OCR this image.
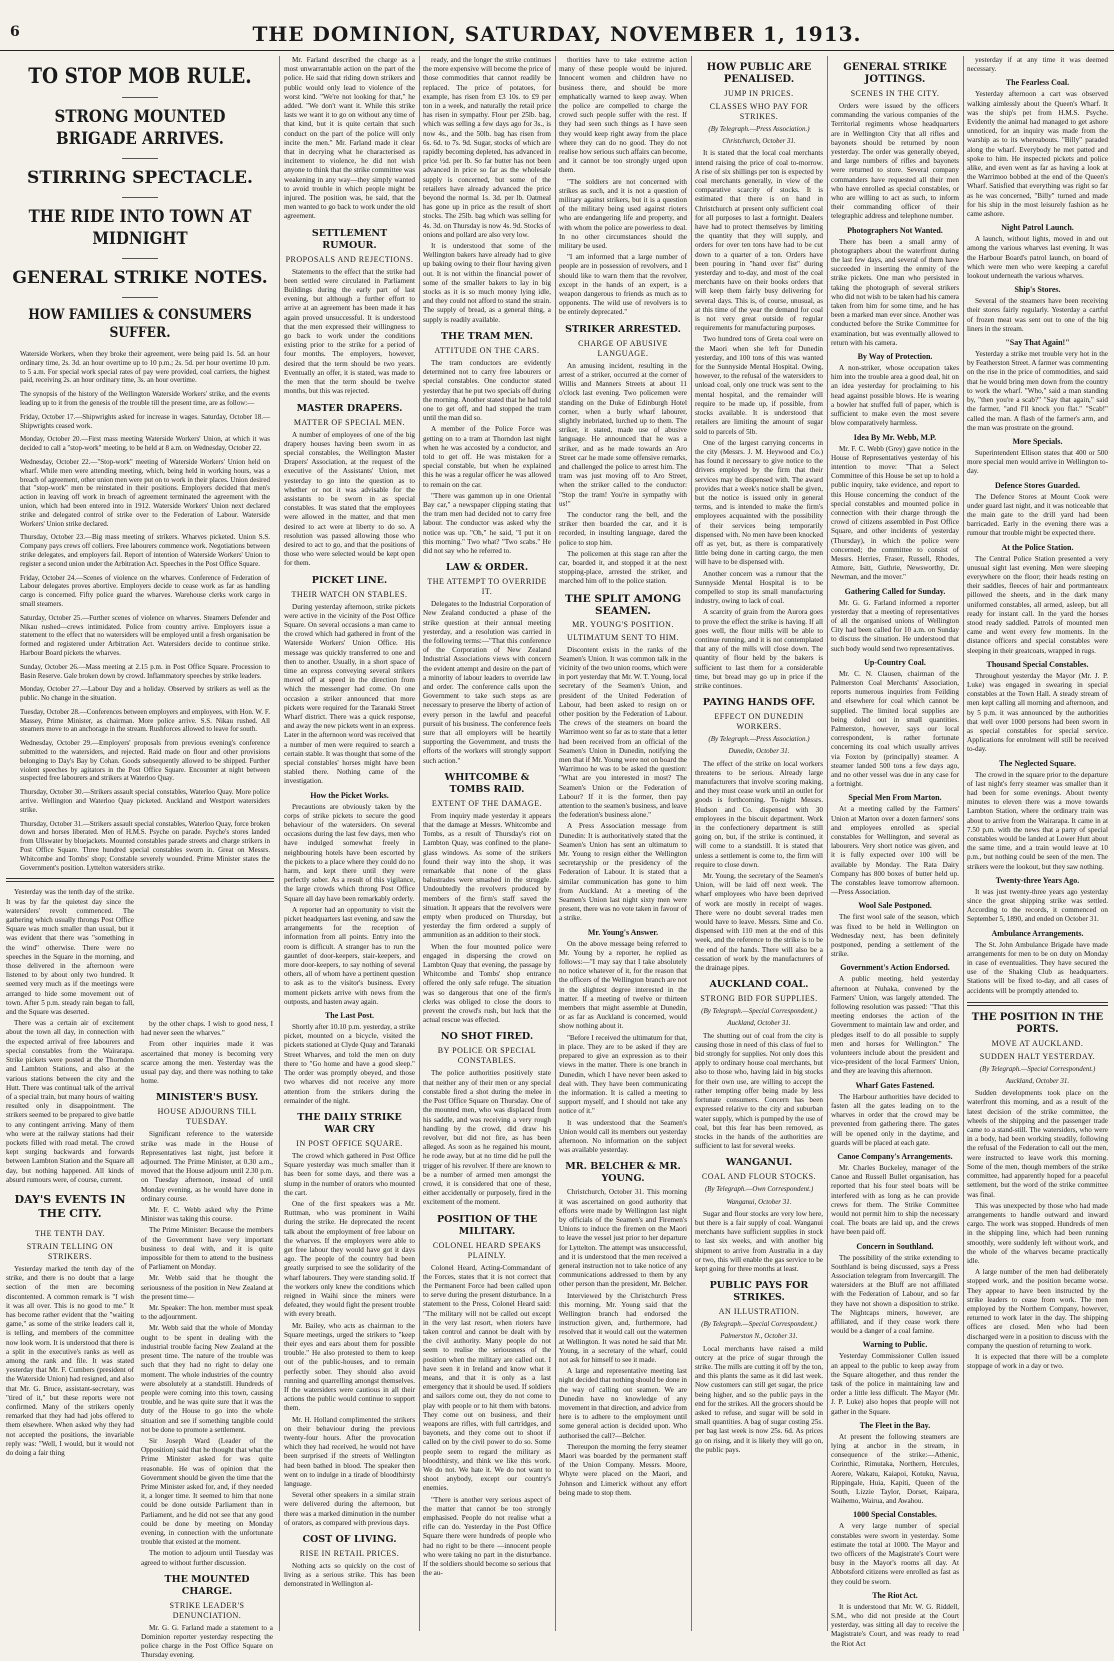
6	THE DOMINION, SATURDAY, NOVEMBER 1, 1913.
TO STOP MOB RULE.
STRONG MOUNTED BRIGADE ARRIVES.
STIRRING SPECTACLE.
THE RIDE INTO TOWN AT MIDNIGHT
GENERAL STRIKE NOTES.
HOW FAMILIES & CONSUMERS SUFFER.

Waterside Workers, when they broke their agreement, were being paid 1s. 5d. an hour ordinary time, 2s. 3d. an hour overtime up to 10 p.m.; 2s. 5d. per hour overtime 10 p.m. to 5 a.m. For special work special rates of pay were provided, coal carriers, the highest paid, receiving 2s. an hour ordinary time, 3s. an hour overtime.

The synopsis of the history of the Wellington Waterside Workers' strike, and the events leading up to it from the genesis of the trouble till the present time, are as follow:—

Friday, October 17.—Shipwrights asked for increase in wages. Saturday, October 18.—Shipwrights ceased work.

Monday, October 20.—First mass meeting Waterside Workers' Union, at which it was decided to call a "stop-work" meeting, to be held at 8 a.m. on Wednesday, October 22.

Wednesday, October 22.—"Stop-work" meeting of Waterside Workers' Union held on wharf. While men were attending meeting, which, being held in working hours, was a breach of agreement, other union men were put on to work in their places. Union desired that "stop-work" men be reinstated in their positions. Employers decided that men's action in leaving off work in breach of agreement terminated the agreement with the union, which had been entered into in 1912. Waterside Workers' Union next declared strike and delegated control of strike over to the Federation of Labour. Waterside Workers' Union strike declared.

Thursday, October 23.—Big mass meeting of strikers. Wharves picketed. Union S.S. Company pays crews off colliers. Free labourers commence work. Negotiations between strike delegates, and employers fail. Report of intention of Waterside Workers' Union to register a second union under the Arbitration Act. Speeches in the Post Office Square.

Friday, October 24.—Scenes of violence on the wharves. Conference of Federation of Labour delegates proves abortive. Employers decide to cease work as far as handling cargo is concerned. Fifty police guard the wharves. Warehouse clerks work cargo in small steamers.

Saturday, October 25.—Further scenes of violence on wharves. Steamers Defender and Nikau rushed—crews intimidated. Police from country arrive. Employers issue a statement to the effect that no watersiders will be employed until a fresh organisation be formed and registered under Arbitration Act. Watersiders decide to continue strike. Harbour Board pickets the wharves.

Sunday, October 26.—Mass meeting at 2.15 p.m. in Post Office Square. Procession to Basin Reserve. Gale broken down by crowd. Inflammatory speeches by strike leaders.

Monday, October 27.—Labour Day and a holiday. Observed by strikers as well as the public. No change in the situation.

Tuesday, October 28.—Conferences between employers and employees, with Hon. W. F. Massey, Prime Minister, as chairman. More police arrive. S.S. Nikau rushed. All steamers move to an anchorage in the stream. Rushforces allowed to leave for south.

Wednesday, October 29.—Employers' proposals from previous evening's conference submitted to the watersiders, and rejected. Raid made on flour and other provisions belonging to Day's Bay by Cohan. Goods subsequently allowed to be shipped. Further violent speeches by agitators in the Post Office Square. Encounter at night between suspected free labourers and strikers at Waterloo Quay.

Thursday, October 30.—Strikers assault special constables, Waterloo Quay. More police arrive. Wellington and Waterloo Quay picketed. Auckland and Westport watersiders strike.

Thursday, October 31.—Strikers assault special constables, Waterloo Quay, force broken down and horses liberated. Men of H.M.S. Psyche on parade. Psyche's stores landed from Ullswater by bluejackets. Mounted constables parade streets and charge strikers in Post Office Square. Three hundred special constables sworn in. Great on Messrs. Whitcombe and Tombs' shop; Constable severely wounded. Prime Minister states the Government's position. Lyttelton watersiders strike.

Yesterday was the tenth day of the strike. It was by far the quietest day since the watersiders' revolt commenced. The gathering which usually throngs Post Office Square was much smaller than usual, but it was evident that there was "something in the wind" otherwise. There were no speeches in the Square in the morning, and those delivered in the afternoon were listened to by about only two hundred. It seemed very much as if the meetings were arranged to hide some movement out of town. After 5 p.m. steady rain began to fall, and the Square was deserted.

There was a certain air of excitement about the town all day, in connection with the expected arrival of free labourers and special constables from the Wairarapa. Strike pickets were posted at the Thorndon and Lambton Stations, and also at the various stations between the city and the Hutt. There was continual talk of the arrival of a special train, but many hours of waiting resulted only in disappointment. The strikers seemed to be prepared to give battle to any contingent arriving. Many of them who were at the railway stations had their pockets filled with road metal. The crowd kept surging backwards and forwards between Lambton Station and the Square all day, but nothing happened. All kinds of absurd rumours were, of course, current.

DAY'S EVENTS IN THE CITY.
THE TENTH DAY.
STRAIN TELLING ON STRIKERS.

Yesterday marked the tenth day of the strike, and there is no doubt that a large section of the men are becoming discontented. A common remark is "I wish it was all over. This is no good to me." It has become rather evident that the "waiting game," as some of the strike leaders call it, is telling, and members of the committee now look worn. It is understood that there is a split in the executive's ranks as well as among the rank and file. It was stated yesterday that Mr. F. Cumbers (president of the Waterside Union) had resigned, and also that Mr. G. Bruce, assistant-secretary, was "tired of it," but these reports were not confirmed. Many of the strikers openly remarked that they had had jobs offered to them elsewhere. When asked why they had not accepted the positions, the invariable reply was: "Well, I would, but it would not do doing a fair thing

by the other chaps. I wish to good ness, I had never seen the wharves."

From other inquiries made it was ascertained that money is becoming very scarce among the men. Yesterday was the usual pay day, and there was nothing to take home.

MINISTER'S BUSY.
HOUSE ADJOURNS TILL TUESDAY.

Significant reference to the waterside strike was made in the House of Representatives last night, just before it adjourned. The Prime Minister, at 0.30 a.m., moved that the House adjourn until 2.30 p.m. on Tuesday afternoon, instead of until Monday evening, as he would have done in ordinary course.

Mr. F. C. Webb asked why the Prime Minister was taking this course.

The Prime Minister: Because the members of the Government have very important business to deal with, and it is quite impossible for them to attend to the business of Parliament on Monday.

Mr. Webb said that he thought the seriousness of the position in New Zealand at the present time—

Mr. Speaker: The hon. member must speak to the adjournment.

Mr. Webb said that the whole of Monday ought to be spent in dealing with the industrial trouble facing New Zealand at the present time. The nature of the trouble was such that they had no right to delay one moment. The whole industries of the country were absolutely at a standstill. Hundreds of people were coming into this town, causing trouble, and he was quite sure that it was the duty of the House to go into the whole situation and see if something tangible could not be done to promote a settlement.

Sir Joseph Ward (Leader of the Opposition) said that he thought that what the Prime Minister asked for was quite reasonable. He was of opinion that the Government should be given the time that the Prime Minister asked for, and, if they needed it, a longer time. It seemed to him that none could be done outside Parliament than in Parliament, and he did not see that any good could be done by meeting on Monday evening, in connection with the unfortunate trouble that existed at the moment.

The motion to adjourn until Tuesday was agreed to without further discussion.

THE MOUNTED CHARGE.
STRIKE LEADER'S DENUNCIATION.

Mr. G. G. Farland made a statement to a Dominion reporter yesterday respecting the police charge in the Post Office Square on Thursday evening.

Mr. Farland described the charge as a most unwarrantable action on the part of the police. He said that riding down strikers and public would only lead to violence of the worst kind. "We're not looking for that," he added. "We don't want it. While this strike lasts we want it to go on without any time of that kind, but it is quite certain that such conduct on the part of the police will only incite the men." Mr. Farland made it clear that in decrying what he characterised as incitement to violence, he did not wish anyone to think that the strike committee was weakening in any way—they simply wanted to avoid trouble in which people might be injured. The position was, he said, that the men wanted to go back to work under the old agreement.

SETTLEMENT RUMOUR.
PROPOSALS AND REJECTIONS.

Statements to the effect that the strike had been settled were circulated in Parliament Buildings during the early part of last evening, but although a further effort to arrive at an agreement has been made it has again proved unsuccessful. It is understood that the men expressed their willingness to go back to work under the conditions existing prior to the strike for a period of four months. The employers, however, desired that the term should be two years. Eventually an offer, it is stated, was made to the men that the term should be twelve months, but this was rejected.

MASTER DRAPERS.
MATTER OF SPECIAL MEN.

A number of employees of one of the big drapery houses having been sworn in as special constables, the Wellington Master Drapers' Association, at the request of the executive of the Assistants' Union, met yesterday to go into the question as to whether or not it was advisable for the assistants to be sworn in as special constables. It was stated that the employees were allowed in the matter, and that men desired to act were at liberty to do so. A resolution was passed allowing those who desired to act to go, and that the positions of those who were selected would be kept open for them.

PICKET LINE.
THEIR WATCH ON STABLES.

During yesterday afternoon, strike pickets were active in the vicinity of the Post Office Square. On several occasions a man came to the crowd which had gathered in front of the Waterside Workers' Union Office. His message was quickly transferred to one and then to another. Usually, in a short space of time an express conveying several strikers moved off at speed in the direction from which the messenger had come. On one occasion a striker announced that more pickets were required for the Taranaki Street Wharf district. There was a quick response, and away the new pickets went in an express. Later in the afternoon word was received that a number of men were required to search a certain stable. It was thought that some of the special constables' horses might have been stabled there. Nothing came of the investigation.

How the Picket Works.

Precautions are obviously taken by the corps of strike pickets to secure the good behaviour of the watersiders. On several occasions during the last few days, men who have indulged somewhat freely in neighbouring hotels have been escorted by the pickets to a place where they could do no harm, and kept there until they were perfectly sober. As a result of this vigilance, the large crowds which throng Post Office Square all day have been remarkably orderly.

A reporter had an opportunity to visit the picket headquarters last evening, and saw the arrangements for the reception of information from all points. Entry into the room is difficult. A stranger has to run the gauntlet of door-keepers, stair-keepers, and more door-keepers, to say nothing of several others, all of whom have a pertinent question to ask as to the visitor's business. Every moment pickets arrive with news from the outposts, and hasten away again.

The Last Post.

Shortly after 10.10 p.m. yesterday, a strike picket, mounted on a bicycle, visited the pickets stationed at Clyde Quay and Taranaki Street Wharves, and told the men on duty there to "Go home and have a good sleep." The order was promptly obeyed, and those two wharves did not receive any more attention from the strikers during the remainder of the night.

THE DAILY STRIKE WAR CRY
IN POST OFFICE SQUARE.

The crowd which gathered in Post Office Square yesterday was much smaller than it has been for some days, and there was a slump in the number of orators who mounted the cart.

One of the first speakers was a Mr. Ruttman, who was prominent in Waihi during the strike. He deprecated the recent talk about the employment of free labour on the wharves. If the employers were able to get free labour they would have got it days ago. The people of the country had been greatly surprised to see the solidarity of the wharf labourers. They were standing solid. If the workers only knew the conditions which reigned in Waihi since the miners were defeated, they would fight the present trouble with every breath.

Mr. Bailey, who acts as chairman to the Square meetings, urged the strikers to "keep their eyes and ears about them for possible trouble." He also protested to them to keep out of the public-houses, and to remain perfectly sober. They should also avoid running and quarrelling amongst themselves. If the watersiders were cautious in all their actions the public would continue to support them.

Mr. H. Holland complimented the strikers on their behaviour during the previous twenty-four hours. After the provocation which they had received, he would not have been surprised if the streets of Wellington had been bathed in blood. The speaker then went on to indulge in a tirade of bloodthirsty language.

Several other speakers in a similar strain were delivered during the afternoon, but there was a marked diminution in the number of orators, as compared with previous days.

COST OF LIVING.
RISE IN RETAIL PRICES.

Nothing acts so quickly on the cost of living as a serious strike. This has been demonstrated in Wellington al-

ready, and the longer the strike continues the more expensive will become the price of those commodities that cannot readily be replaced. The price of potatoes, for example, has risen from £3 10s. to £9 per ton in a week, and naturally the retail price has risen in sympathy. Flour per 25lb. bag, which was selling a few days ago for 3s., is now 4s., and the 50lb. bag has risen from 6s. 6d. to 7s. 9d. Sugar, stocks of which are rapidly becoming depleted, has advanced in price ½d. per lb. So far butter has not been advanced in price so far as the wholesale supply is concerned, but some of the retailers have already advanced the price beyond the normal 1s. 3d. per lb. Oatmeal has gone up in price as the result of short stocks. The 25lb. bag which was selling for 4s. 3d. on Thursday is now 4s. 9d. Stocks of onions and pollard are also very low.

It is understood that some of the Wellington bakers have already had to give up baking owing to their flour having given out. It is not within the financial power of some of the smaller bakers to lay in big stocks as it is so much money lying idle, and they could not afford to stand the strain. The supply of bread, as a general thing, a supply is readily available.

THE TRAM MEN.
ATTITUDE ON THE CARS.

The tram conductors are evidently determined not to carry free labourers or special constables. One conductor stated yesterday that he put two specials off during the morning. Another stated that he had told one to get off, and had stopped the tram until the man did so.

A member of the Police Force was getting on to a tram at Thorndon last night when he was accosted by a conductor, and told to get off. He was mistaken for a special constable, but when he explained this he was a regular officer he was allowed to remain on the car.

"There was gammon up in one Oriental Bay car," a newspaper clipping stating that the tram men had decided not to carry free labour. The conductor was asked why the notice was up. "Oh," he said, "I put it on this morning." Two what? "Two scabs." He did not say who he referred to.

LAW & ORDER.
THE ATTEMPT TO OVERRIDE IT.

Delegates to the Industrial Corporation of New Zealand conducted a phase of the strike question at their annual meeting yesterday, and a resolution was carried in the following terms:—"That this conference of the Corporation of New Zealand Industrial Associations views with concern the evident attempt and desire on the part of a minority of labour leaders to override law and order. The conference calls upon the Government to take such steps as are necessary to preserve the liberty of action of every person in the lawful and peaceful pursuit of his business. The conference feels sure that all employers will be heartily supporting the Government, and trusts the efforts of the workers will strongly support such action."

WHITCOMBE & TOMBS RAID.
EXTENT OF THE DAMAGE.

From inquiry made yesterday it appears that the damage at Messrs. Whitcombe and Tombs, as a result of Thursday's riot on Lambton Quay, was confined to the plane-glass windows. As some of the strikers found their way into the shop, it was remarkable that none of the glass balustrades were smashed in the struggle. Undoubtedly the revolvers produced by members of the firm's staff saved the situation. It appears that the revolvers were empty when produced on Thursday, but yesterday the firm ordered a supply of ammunition as an addition to their stock.

When the four mounted police were engaged in dispersing the crowd on Lambton Quay that evening, the passage by Whitcombe and Tombs' shop entrance offered the only safe refuge. The situation was so dangerous that one of the firm's clerks was obliged to close the doors to prevent the crowd's rush, but luck that the actual rescue was effected.

NO SHOT FIRED.
BY POLICE OR SPECIAL CONSTABLES.

The police authorities positively state that neither any of their men or any special constable fired a shot during the melee in the Post Office Square on Thursday. One of the mounted men, who was displaced from his saddle, and was receiving a very rough handling by the crowd, did draw his revolver, but did not fire, as has been alleged. As soon as he regained his mount, he rode away, but at no time did he pull the trigger of his revolver. If there are known to be a number of armed men amongst the crowd, it is considered that one of these, either accidentally or purposely, fired in the excitement of the moment.

POSITION OF THE MILITARY.
COLONEL HEARD SPEAKS PLAINLY.

Colonel Heard, Acting-Commandant of the Forces, states that it is not correct that the Permanent Force had been called upon to serve during the present disturbance. In a statement to the Press, Colonel Heard said: "The military will not be called out except in the very last resort, when rioters have taken control and cannot be dealt with by the civil authority. Many people do not seem to realise the seriousness of the position when the military are called out. I have seen it in Ireland and know what it means, and that it is only as a last emergency that it should be used. If soldiers and sailors come out, they do not come to play with people or to hit them with batons. They come out on business, and their weapons are rifles, with full cartridges, and bayonets, and they come out to shoot if called on by the civil power to do so. Some people seem to regard the military as bloodthirsty, and think we like this work. We do not. We hate it. We do not want to shoot anybody, except our country's enemies.

"There is another very serious aspect of the matter that cannot be too strongly emphasised. People do not realise what a rifle can do. Yesterday in the Post Office Square there were hundreds of people who had no right to be there —innocent people who were taking no part in the disturbance. If the soldiers should become so serious that the au-

thorities have to take extreme action many of these people would be injured. Innocent women and children have no business there, and should be more emphatically warned to keep away. When the police are compelled to charge the crowd such people suffer with the rest. If they had seen such things as I have seen they would keep right away from the place where they can do no good. They do not realise how serious such affairs can become, and it cannot be too strongly urged upon them.

"The soldiers are not concerned with strikes as such, and it is not a question of military against strikers, but it is a question of the military being used against rioters who are endangering life and property, and with whom the police are powerless to deal. In no other circumstances should the military be used.

"I am informed that a large number of people are in possession of revolvers, and I should like to warn them that the revolver, except in the hands of an expert, is a weapon dangerous to friends as much as to opponents. The wild use of revolvers is to be entirely deprecated."

STRIKER ARRESTED.
CHARGE OF ABUSIVE LANGUAGE.

An amusing incident, resulting in the arrest of a striker, occurred at the corner of Willis and Manners Streets at about 11 o'clock last evening. Two policemen were standing on the Duke of Edinburgh Hotel corner, when a burly wharf labourer, slightly inebriated, lurched up to them. The striker, it stated, made use of abusive language. He announced that he was a striker, and as he made towards an Aro Street car he made some offensive remarks, and challenged the police to arrest him. The tram was just moving off to Aro Street, when the striker called to the conductor: "Stop the tram! You're in sympathy with us!"

The conductor rang the bell, and the striker then boarded the car, and it is recorded, in insulting language, dared the police to stop him.

The policemen at this stage ran after the car, boarded it, and stopped it at the next stopping-place, arrested the striker, and marched him off to the police station.

THE SPLIT AMONG SEAMEN.
MR. YOUNG'S POSITION.
ULTIMATUM SENT TO HIM.

Discontent exists in the ranks of the Seamen's Union. It was common talk in the vicinity of the two union rooms, which were in port yesterday that Mr. W. T. Young, local secretary of the Seamen's Union, and president of the United Federation of Labour, had been asked to resign on or other position by the Federation of Labour. The crews of the steamers on board the Warrimoo went so far as to state that a letter had been received from an official of the Seamen's Union in Dunedin, notifying the men that if Mr. Young were not on board the Warrimoo he was to be asked the question: "What are you interested in most? The Seamen's Union or the Federation of Labour? If it is the former, then pay attention to the seamen's business, and leave the federation's business alone."

A Press Association message from Dunedin: It is authoritatively stated that the Seamen's Union has sent an ultimatum to Mr. Young to resign either the Wellington secretaryship or the presidency of the Federation of Labour. It is stated that a similar communication has gone to him from Auckland. At a meeting of the Seamen's Union last night sixty men were present, there was no vote taken in favour of a strike.

Mr. Young's Answer.

On the above message being referred to Mr. Young by a reporter, he replied as follows:—"I may say that I take absolutely no notice whatever of it, for the reason that the officers of the Wellington branch are not in the slightest degree interested in the matter. If a meeting of twelve or thirteen members that might assemble at Dunedin, or as far as Auckland is concerned, would show nothing about it.

"Before I received the ultimatum for that, in place. They are to be asked if they are prepared to give an expression as to their views in the matter. There is one branch in Dunedin, which I have never been asked to deal with. They have been communicating the information. It is called a meeting to support myself, and I should not take any notice of it."

It was understood that the Seamen's Union would call its members out yesterday afternoon. No information on the subject was available yesterday.

MR. BELCHER & MR. YOUNG.

Christchurch, October 31. This morning it was ascertained on good authority that efforts were made by Wellington last night by officials of the Seamen's and Firemen's Unions to induce the firemen on the Maori to leave the vessel just prior to her departure for Lyttelton. The attempt was unsuccessful, and it is understood that the men received a general instruction not to take notice of any communications addressed to them by any other person than the president, Mr. Belcher.

Interviewed by the Christchurch Press this morning, Mr. Young said that the Wellington branch had endorsed the instruction given, and, furthermore, had resolved that it would call out the watermen at Wellington. It was noted he said that Mr. Young, in a secretary of the wharf, could not ask for himself to see it made.

A large and representative meeting last night decided that nothing should be done in the way of calling out seamen. We are Dunedin have no knowledge of any movement in that direction, and advice from here is to adhere to the employment until some general action is decided upon. Who authorised the call?—Belcher.

Thereupon the morning the ferry steamer Maori was boarded by the permanent staff of the Union Company. Messrs. Moore, Whyte were placed on the Maori, and Johnson and Limerick without any effort being made to stop them.

HOW PUBLIC ARE PENALISED.
JUMP IN PRICES.
CLASSES WHO PAY FOR STRIKES.
(By Telegraph.—Press Association.)
Christchurch, October 31.

It is stated that the local coal merchants intend raising the price of coal to-morrow. A rise of six shillings per ton is expected by coal merchants generally, in view of the comparative scarcity of stocks. It is estimated that there is on hand in Christchurch at present only sufficient coal for all purposes to last a fortnight. Dealers have had to protect themselves by limiting the quantity that they will supply, and orders for over ten tons have had to be cut down to a quarter of a ton. Orders have been pouring in "hand over fist" during yesterday and to-day, and most of the coal merchants have on their books orders that will keep them fairly busy delivering for several days. This is, of course, unusual, as at this time of the year the demand for coal is not very great outside of regular requirements for manufacturing purposes.

Two hundred tons of Greta coal were on the Maori when she left for Dunedin yesterday, and 100 tons of this was wanted for the Sunnyside Mental Hospital. Owing, however, to the refusal of the watersiders to unload coal, only one truck was sent to the mental hospital, and the remainder will require to be made up, if possible, from stocks available. It is understood that retailers are limiting the amount of sugar sold to parcels of 5lb.

One of the largest carrying concerns in the city (Messrs. J. M. Heywood and Co.) has found it necessary to give notice to the drivers employed by the firm that their services may be dispensed with. The award provides that a week's notice shall be given, but the notice is issued only in general terms, and is intended to make the firm's employees acquainted with the possibility of their services being temporarily dispensed with. No men have been knocked off as yet, but, as there is comparatively little being done in carting cargo, the men will have to be dispensed with.

Another concern was a rumour that the Sunnyside Mental Hospital is to be compelled to stop its small manufacturing industry, owing to lack of coal.

A scarcity of grain from the Aurora goes to prove the effect the strike is having. If all goes well, the flour mills will be able to continue running, and it is not contemplated that any of the mills will close down. The quantity of flour held by the bakers is sufficient to last them for a considerable time, but bread may go up in price if the strike continues.

PAYING HANDS OFF.
EFFECT ON DUNEDIN WORKERS.
(By Telegraph.—Press Association.)
Dunedin, October 31.

The effect of the strike on local workers threatens to be serious. Already large manufacturers that involve scoring making, and they must cease work until an outlet for goods is forthcoming. To-night Messrs. Hudson and Co. dispensed with 30 employees in the biscuit department. Work in the confectionery department is still going on, but, if the strike is continued, it will come to a standstill. It is stated that unless a settlement is come to, the firm will require to close down.

Mr. Young, the secretary of the Seamen's Union, will be laid off next week. The wharf employees who have been deprived of work are mostly in receipt of wages. There were no doubt several trades men would have to leave. Messrs. Sime and Co. dispensed with 110 men at the end of this week, and the reference to the strike is to be the end of the hands. There will also be a cessation of work by the manufacturers of the drainage pipes.

AUCKLAND COAL.
STRONG BID FOR SUPPLIES.
(By Telegraph.—Special Correspondent.)
Auckland, October 31.

The shutting out of coal from the city is causing those in need of this class of fuel to bid strongly for supplies. Not only does this apply to ordinary house coal merchants, but also to those who, having laid in big stocks for their own use, are willing to accept the rather tempting offer being made by less fortunate consumers. Concern has been expressed relative to the city and suburban water supply, which is pumped by the use of coal, but this fear has been removed, as stocks in the hands of the authorities are sufficient to last for several weeks.

WANGANUI.
COAL AND FLOUR STOCKS.
(By Telegraph.—Own Correspondent.)
Wanganui, October 31.

Sugar and flour stocks are very low here, but there is a fair supply of coal. Wanganui merchants have sufficient supplies in stock to last six weeks, and with another big shipment to arrive from Australia in a day or two, this will enable the gas service to be kept going for three months at least.

PUBLIC PAYS FOR STRIKES.
AN ILLUSTRATION.
(By Telegraph.—Special Correspondent.)
Palmerston N., October 31.

Local merchants have raised a mild outcry at the price of sugar through the strike. The mills are cutting it off by the ton, and this plants the same as it did last week. Now customers can still get sugar, the price being higher, and so the public pays in the end for the strikes. All the grocers should be asked to refuse, and sugar will be sold in small quantities. A bag of sugar costing 25s. per bag last week is now 25s. 6d. As prices go on rising, and it is likely they will go on, the public pays.

GENERAL STRIKE JOTTINGS.
SCENES IN THE CITY.

Orders were issued by the officers commanding the various companies of the Territorial regiments whose headquarters are in Wellington City that all rifles and bayonets should be returned by noon yesterday. The order was generally obeyed, and large numbers of rifles and bayonets were returned to store. Several company commanders have requested all their men who have enrolled as special constables, or who are willing to act as such, to inform their commanding officer of their telegraphic address and telephone number.

Photographers Not Wanted.

There has been a small army of photographers about the waterfront during the last few days, and several of them have succeeded in inserting the enmity of the strike pickets. One man who persisted in taking the photograph of several strikers who did not wish to be taken had his camera taken from him for some time, and he has been a marked man ever since. Another was conducted before the Strike Committee for examination, but was eventually allowed to return with his camera.

By Way of Protection.

A non-striker, whose occupation takes him into the trouble area a good deal, hit on an idea yesterday for proclaiming to his head against possible blows. He is wearing a bowler hat stuffed full of paper, which is sufficient to make even the most severe blow comparatively harmless.

Idea By Mr. Webb, M.P.

Mr. F. C. Webb (Grey) gave notice in the House of Representatives yesterday of his intention to move: "That a Select Committee of this House be set up to hold a public inquiry, take evidence, and report to this House concerning the conduct of the special constables and mounted police in connection with their charge through the crowd of citizens assembled in Post Office Square, and other incidents of yesterday (Thursday), in which the police were concerned; the committee to consist of Messrs. Herries, Fraser, Russell, Rhodes, Atmore, Isitt, Guthrie, Newsworthy, Dr. Newman, and the mover."

Gathering Called for Sunday.

Mr. G. G. Farland informed a reporter yesterday that a meeting of representatives of all the organised unions of Wellington City had been called for 10 a.m. on Sunday to discuss the situation. He understood that such body would send two representatives.

Up-Country Coal.

Mr. C. N. Clausen, chairman of the Palmerston Coal Merchants' Association, reports numerous inquiries from Feilding and elsewhere for coal which cannot be supplied. The limited local supplies are being doled out in small quantities. Palmerston, however, says our local correspondent, is rather fortunate concerning its coal which usually arrives via Foxton by (principally) steamer. A steamer landed 500 tons a few days ago, and no other vessel was due in any case for a fortnight.

Special Men From Marton.

At a meeting called by the Farmers' Union at Marton over a dozen farmers' sons and employees enrolled as special constables for Wellington, and several as labourers. Very short notice was given, and it is fully expected over 100 will be available by Monday. The Rata Dairy Company has 800 boxes of butter held up. The constables leave tomorrow afternoon.—Press Association.

Wool Sale Postponed.

The first wool sale of the season, which was fixed to be held in Wellington on Wednesday next, has been definitely postponed, pending a settlement of the strike.

Government's Action Endorsed.

A public meeting, held yesterday afternoon at Nuhaka, convened by the Farmers' Union, was largely attended. The following resolution was passed: "That this meeting endorses the action of the Government to maintain law and order, and pledges itself to do all possible to supply men and horses for Wellington." The volunteers include about the president and vice-president of the local Farmers' Union, and they are leaving this afternoon.

Wharf Gates Fastened.

The Harbour authorities have decided to fasten all the gates leading on to the wharves in order that the crowd may be prevented from gathering there. The gates will be opened only in the daytime, and guards will be placed at each gate.

Canoe Company's Arrangements.

Mr. Charles Buckeley, manager of the Canoe and Russell Bullet organisation, has reported that his four steel boats will be interfered with as long as he can provide crews for them. The Strike Committee would not permit him to ship the necessary coal. The boats are laid up, and the crews have been paid off.

Concern in Southland.

The possibility of the strike extending to Southland is being discussed, says a Press Association telegram from Invercargill. The watersiders at the Bluff are not affiliated with the Federation of Labour, and so far they have not shown a disposition to strike. The Nightcaps miners, however, are affiliated, and if they cease work there would be a danger of a coal famine.

Warning to Public.

Yesterday Commissioner Cullen issued an appeal to the public to keep away from the Square altogether, and thus render the task of the police in maintaining law and order a little less difficult. The Mayor (Mr. J. P. Luke) also hopes that people will not gather in the Square.

The Fleet in the Bay.

At present the following steamers are lying at anchor in the stream, in consequence of the strike:—Athenic, Corinthic, Rimutaka, Northern, Hercules, Aorere, Wakatu, Kaiapoi, Kotuku, Navua, Rippingale, Huia, Kapiti, Queen of the South, Lizzie Taylor, Dorset, Kaipara, Waihemo, Wairua, and Awahou.

1000 Special Constables.

A very large number of special constables were sworn in yesterday. Some estimate the total at 1000. The Mayor and two officers of the Magistrate's Court were busy in the Mayor's rooms all day. At Abbotsford citizens were enrolled as fast as they could be sworn.

The Riot Act.

It is understood that Mr. W. G. Riddell, S.M., who did not preside at the Court yesterday, was sitting all day to receive the Magistrate's Court, and was ready to read the Riot Act

yesterday if at any time it was deemed necessary.

The Fearless Coal.

Yesterday afternoon a cart was observed walking aimlessly about the Queen's Wharf. It was the ship's pet from H.M.S. Psyche. Evidently the animal had managed to get ashore unnoticed, for an inquiry was made from the warship as to its whereabouts. "Billy" paraded along the wharf. Everybody he met patted and spoke to him. He inspected pickets and police alike, and even went as far as having a look at the Warrimoo bobbed at the end of the Queen's Wharf. Satisfied that everything was right so far as he was concerned, "Billy" turned and made for his ship in the most leisurely fashion as he came ashore.

Night Patrol Launch.

A launch, without lights, moved in and out among the various wharves last evening. It was the Harbour Board's patrol launch, on board of which were men who were keeping a careful lookout underneath the various wharves.

Ship's Stores.

Several of the steamers have been receiving their stores fairly regularly. Yesterday a cartful of frozen meat was sent out to one of the big liners in the stream.

"Say That Again!"

Yesterday a strike met trouble very hot in the by Featherston Street. A farmer was commenting on the rise in the price of commodities, and said that he would bring men down from the country to work the wharf. "Who," said a man standing by, "then you're a scab?" "Say that again," said the farmer, "and I'll knock you flat." "Scab!" called the man. A flash of the farmer's arm, and the man was prostrate on the ground.

More Specials.

Superintendent Ellison states that 400 or 500 more special men would arrive in Wellington to-day.

Defence Stores Guarded.

The Defence Stores at Mount Cook were under guard last night, and it was noticeable that the main gate to the drill yard had been barricaded. Early in the evening there was a rumour that trouble might be expected there.

At the Police Station.

The Central Police Station presented a very unusual sight last evening. Men were sleeping everywhere on the floor; their heads resting on their saddles, fleeces of hair and portmanteaux pillowed the sheets, and in the dark many uniformed constables, all armed, asleep, but all ready for instant call. In the yard the horses stood ready saddled. Patrols of mounted men came and went every few moments. In the distance officers and special constables were sleeping in their greatcoats, wrapped in rugs.

Thousand Special Constables.

Throughout yesterday the Mayor (Mr. J. P. Luke) was engaged in swearing in special constables at the Town Hall. A steady stream of men kept calling all morning and afternoon, and by 5 p.m. it was announced by the authorities that well over 1000 persons had been sworn in as special constables for special service. Applications for enrolment will still be received to-day.

The Neglected Square.

The crowd in the square prior to the departure of last night's ferry steamer was smaller than it had been for some evenings. About twenty minutes to eleven there was a move towards Lambton Station, where the ordinary train was about to arrive from the Wairarapa. It came in at 7.50 p.m. with the news that a party of special constables would be landed at Lower Hutt about the same time, and a train would leave at 10 p.m., but nothing could be seen of the men. The strikers were the lookout, but they saw nothing.

Twenty-three Years Ago.

It was just twenty-three years ago yesterday since the great shipping strike was settled. According to the records, it commenced on September 5, 1890, and ended on October 31.

Ambulance Arrangements.

The St. John Ambulance Brigade have made arrangements for men to be on duty on Monday in case of eventualities. They have secured the use of the Shaking Club as headquarters. Stations will be fixed to-day, and all cases of accidents will be promptly attended to.

THE POSITION IN THE PORTS.
MOVE AT AUCKLAND.
SUDDEN HALT YESTERDAY.
(By Telegraph.—Special Correspondent.)
Auckland, October 31.

Sudden developments took place on the waterfront this morning, and as a result of the latest decision of the strike committee, the wheels of the shipping and the passenger trade came to a stand-still. The watersiders, who were in a body, had been working steadily, following the refusal of the Federation to call out the men, were instructed to leave work this morning. Some of the men, though members of the strike committee, had apparently hoped for a peaceful settlement, but the word of the strike committee was final.

This was unexpected by those who had made arrangements to handle outward and inward cargo. The work was stopped. Hundreds of men in the shipping line, which had been running smoothly, were suddenly left without work, and the whole of the wharves became practically idle.

A large number of the men had deliberately stopped work, and the position became worse. They appear to have been instructed by the strike leaders to cease from work. The men employed by the Northern Company, however, returned to work later in the day. The shipping offices are closed. Men who had been discharged were in a position to discuss with the company the question of returning to work.

It is expected that there will be a complete stoppage of work in a day or two.
